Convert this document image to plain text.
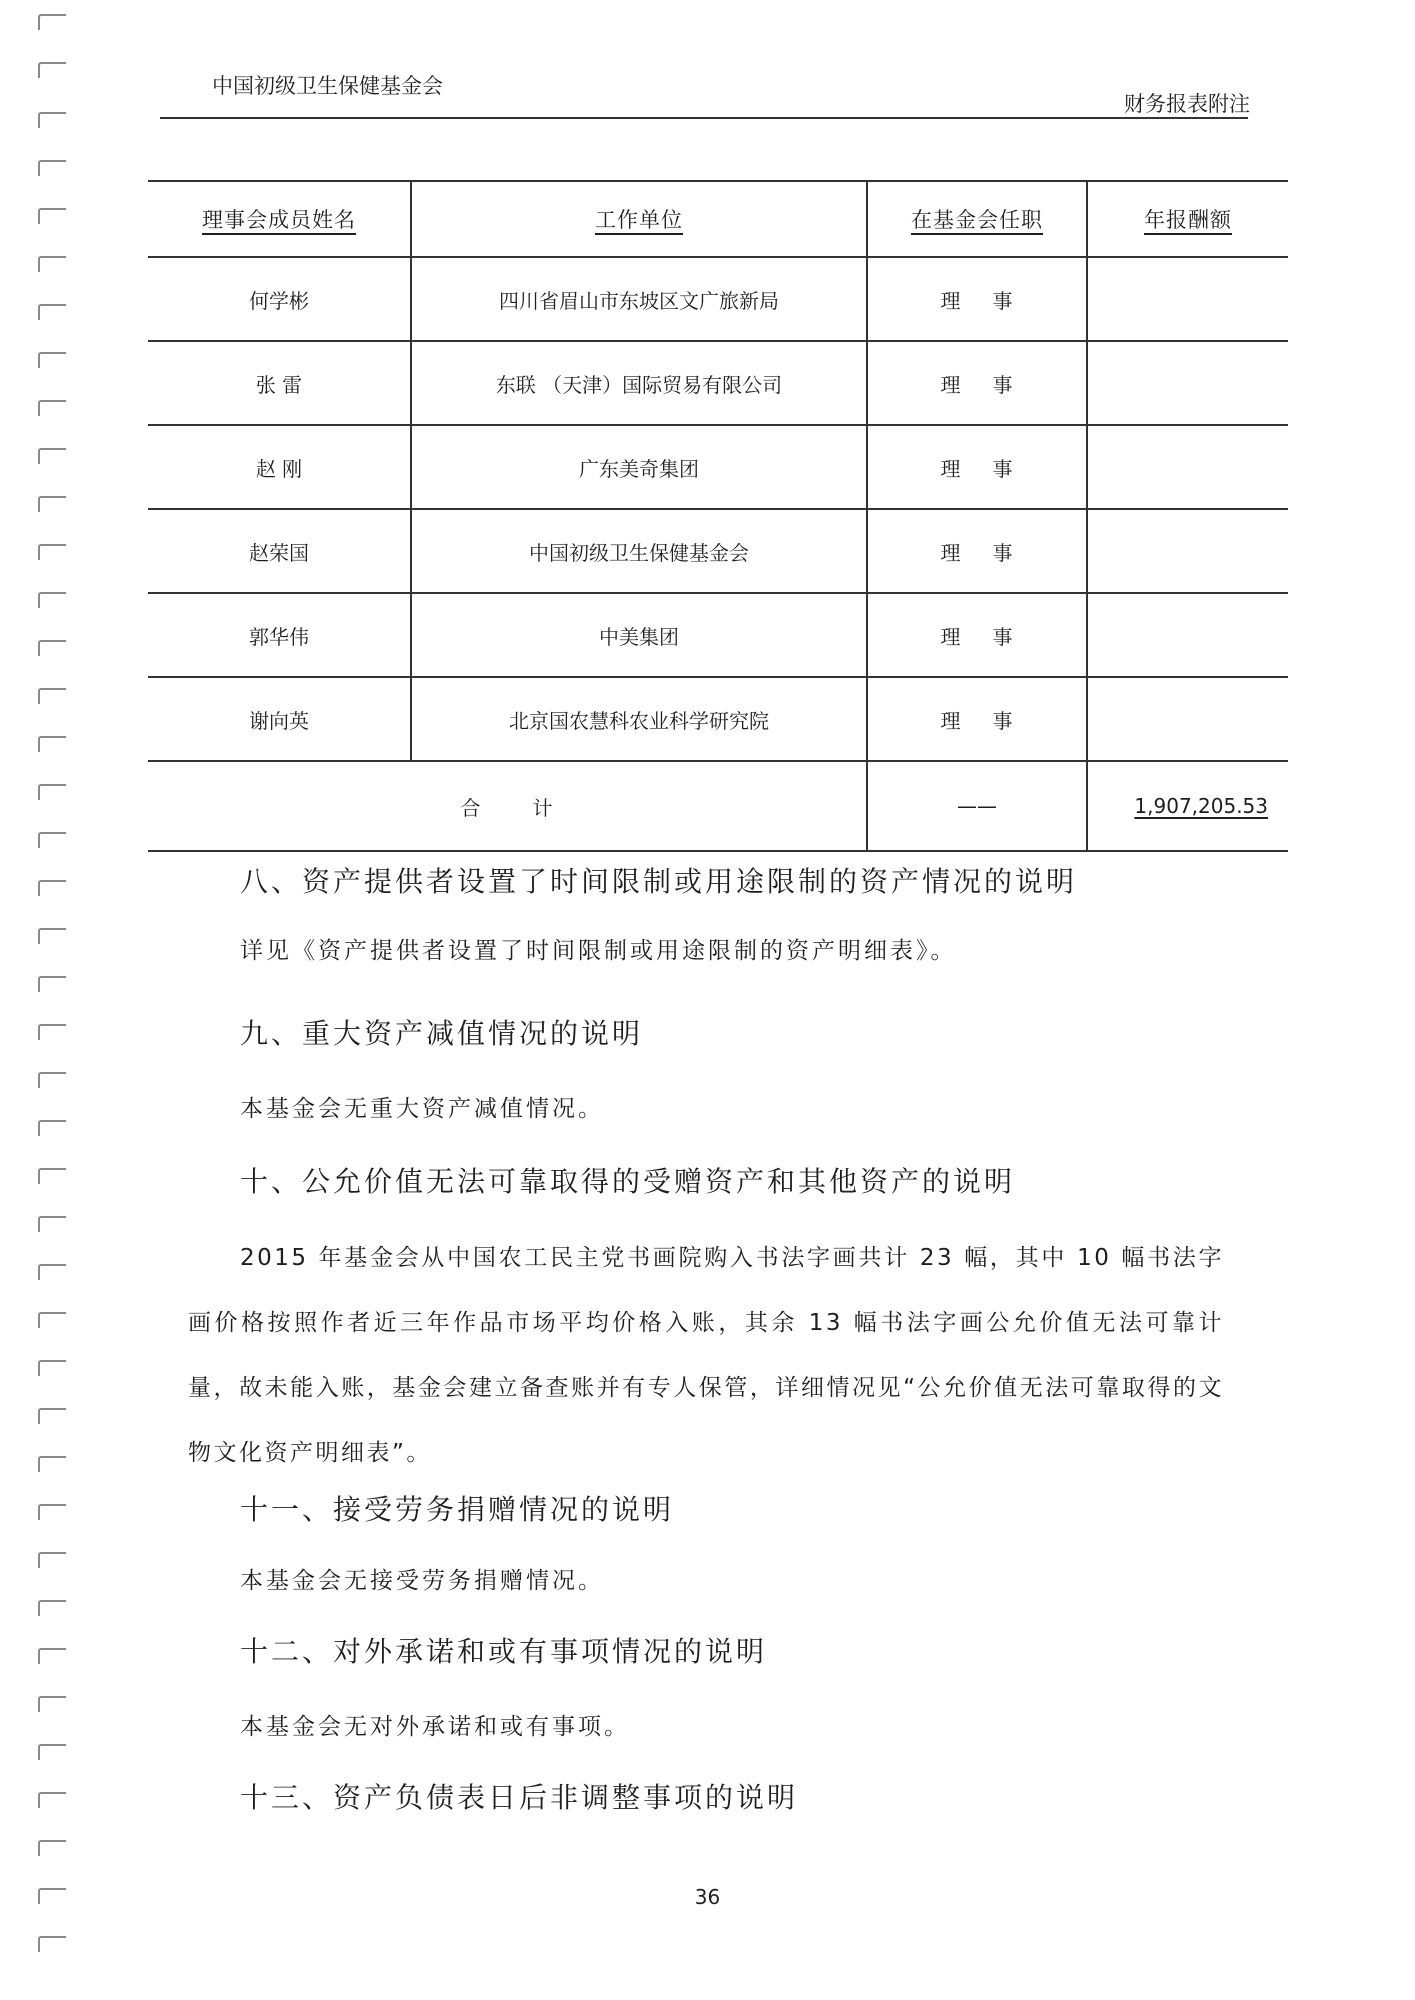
中国初级卫生保健基金会
财务报表附注
理事会成员姓名	工作单位	在基金会任职	年报酬额
何学彬	四川省眉山市东坡区文广旅新局	理事	
张 雷	东联 （天津）国际贸易有限公司	理事	
赵 刚	广东美奇集团	理事	
赵荣国	中国初级卫生保健基金会	理事	
郭华伟	中美集团	理事	
谢向英	北京国农慧科农业科学研究院	理事	
合计		——	1,907,205.53
八、资产提供者设置了时间限制或用途限制的资产情况的说明
详见《资产提供者设置了时间限制或用途限制的资产明细表》。
九、重大资产减值情况的说明
本基金会无重大资产减值情况。
十、公允价值无法可靠取得的受赠资产和其他资产的说明
2015 年基金会从中国农工民主党书画院购入书法字画共计 23 幅，其中 10 幅书法字画价格按照作者近三年作品市场平均价格入账，其余 13 幅书法字画公允价值无法可靠计量，故未能入账，基金会建立备查账并有专人保管，详细情况见“公允价值无法可靠取得的文物文化资产明细表”。
十一、接受劳务捐赠情况的说明
本基金会无接受劳务捐赠情况。
十二、对外承诺和或有事项情况的说明
本基金会无对外承诺和或有事项。
十三、资产负债表日后非调整事项的说明
36
